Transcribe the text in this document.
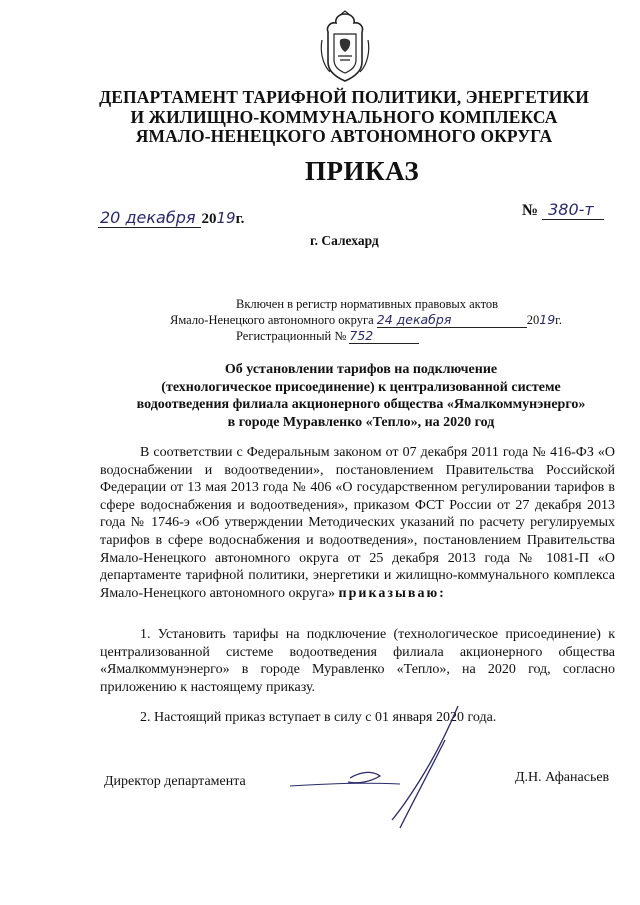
ДЕПАРТАМЕНТ ТАРИФНОЙ ПОЛИТИКИ, ЭНЕРГЕТИКИ
И ЖИЛИЩНО-КОММУНАЛЬНОГО КОМПЛЕКСА
ЯМАЛО-НЕНЕЦКОГО АВТОНОМНОГО ОКРУГА
ПРИКАЗ
20 декабря 2019г.	№ 380-т
г. Салехард
Включен в регистр нормативных правовых актов
Ямало-Ненецкого автономного округа 24 декабря	2019г.
Регистрационный № 752
Об установлении тарифов на подключение
(технологическое присоединение) к централизованной системе
водоотведения филиала акционерного общества «Ямалкоммунэнерго»
в городе Муравленко «Тепло», на 2020 год

В соответствии с Федеральным законом от 07 декабря 2011 года № 416-ФЗ «О водоснабжении и водоотведении», постановлением Правительства Российской Федерации от 13 мая 2013 года № 406 «О государственном регулировании тарифов в сфере водоснабжения и водоотведения», приказом ФСТ России от 27 декабря 2013 года № 1746-э «Об утверждении Методических указаний по расчету регулируемых тарифов в сфере водоснабжения и водоотведения», постановлением Правительства Ямало-Ненецкого автономного округа от 25 декабря 2013 года № 1081-П «О департаменте тарифной политики, энергетики и жилищно-коммунального комплекса Ямало-Ненецкого автономного округа» приказываю:

1. Установить тарифы на подключение (технологическое присоединение) к централизованной системе водоотведения филиала акционерного общества «Ямалкоммунэнерго» в городе Муравленко «Тепло», на 2020 год, согласно приложению к настоящему приказу.

2. Настоящий приказ вступает в силу с 01 января 2020 года.

Директор департамента	Д.Н. Афанасьев
